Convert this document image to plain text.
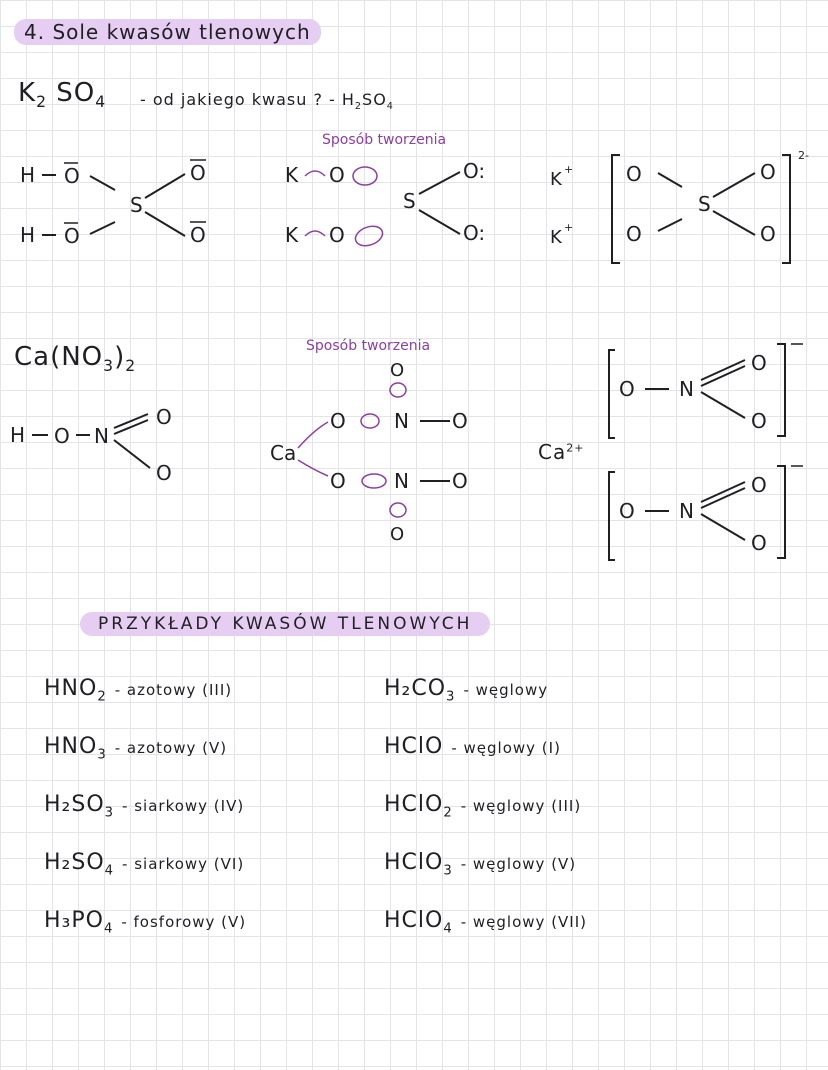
4. Sole kwasów tlenowych
$K_2$ $SO_4$ - od jakiego kwasu ? - $H_2SO_4$
Sposób tworzenia
H
H
O
O
S
O
O
K
K
O
O
S
O:
O:
K +
K +
O
O
S
O
O
2-
$Ca(NO_3)_2$
Sposób tworzenia
H O N
O
O
O
Ca
O N O
O N O
O
$Ca^{2+}$
O N
O
O
O N
O
O
PRZYKŁADY KWASÓW TLENOWYCH
$HNO_2$ - azotowy (III)
$HNO_3$ - azotowy (V)
$H_2SO_3$ - siarkowy (IV)
$H_2SO_4$ - siarkowy (VI)
$H_3PO_4$ - fosforowy (V)
$H_2CO_3$ - węglowy
HClO - węglowy (I)
HClO$_2$ - węglowy (III)
HClO$_3$ - węglowy (V)
HClO$_4$ - węglowy (VII)
